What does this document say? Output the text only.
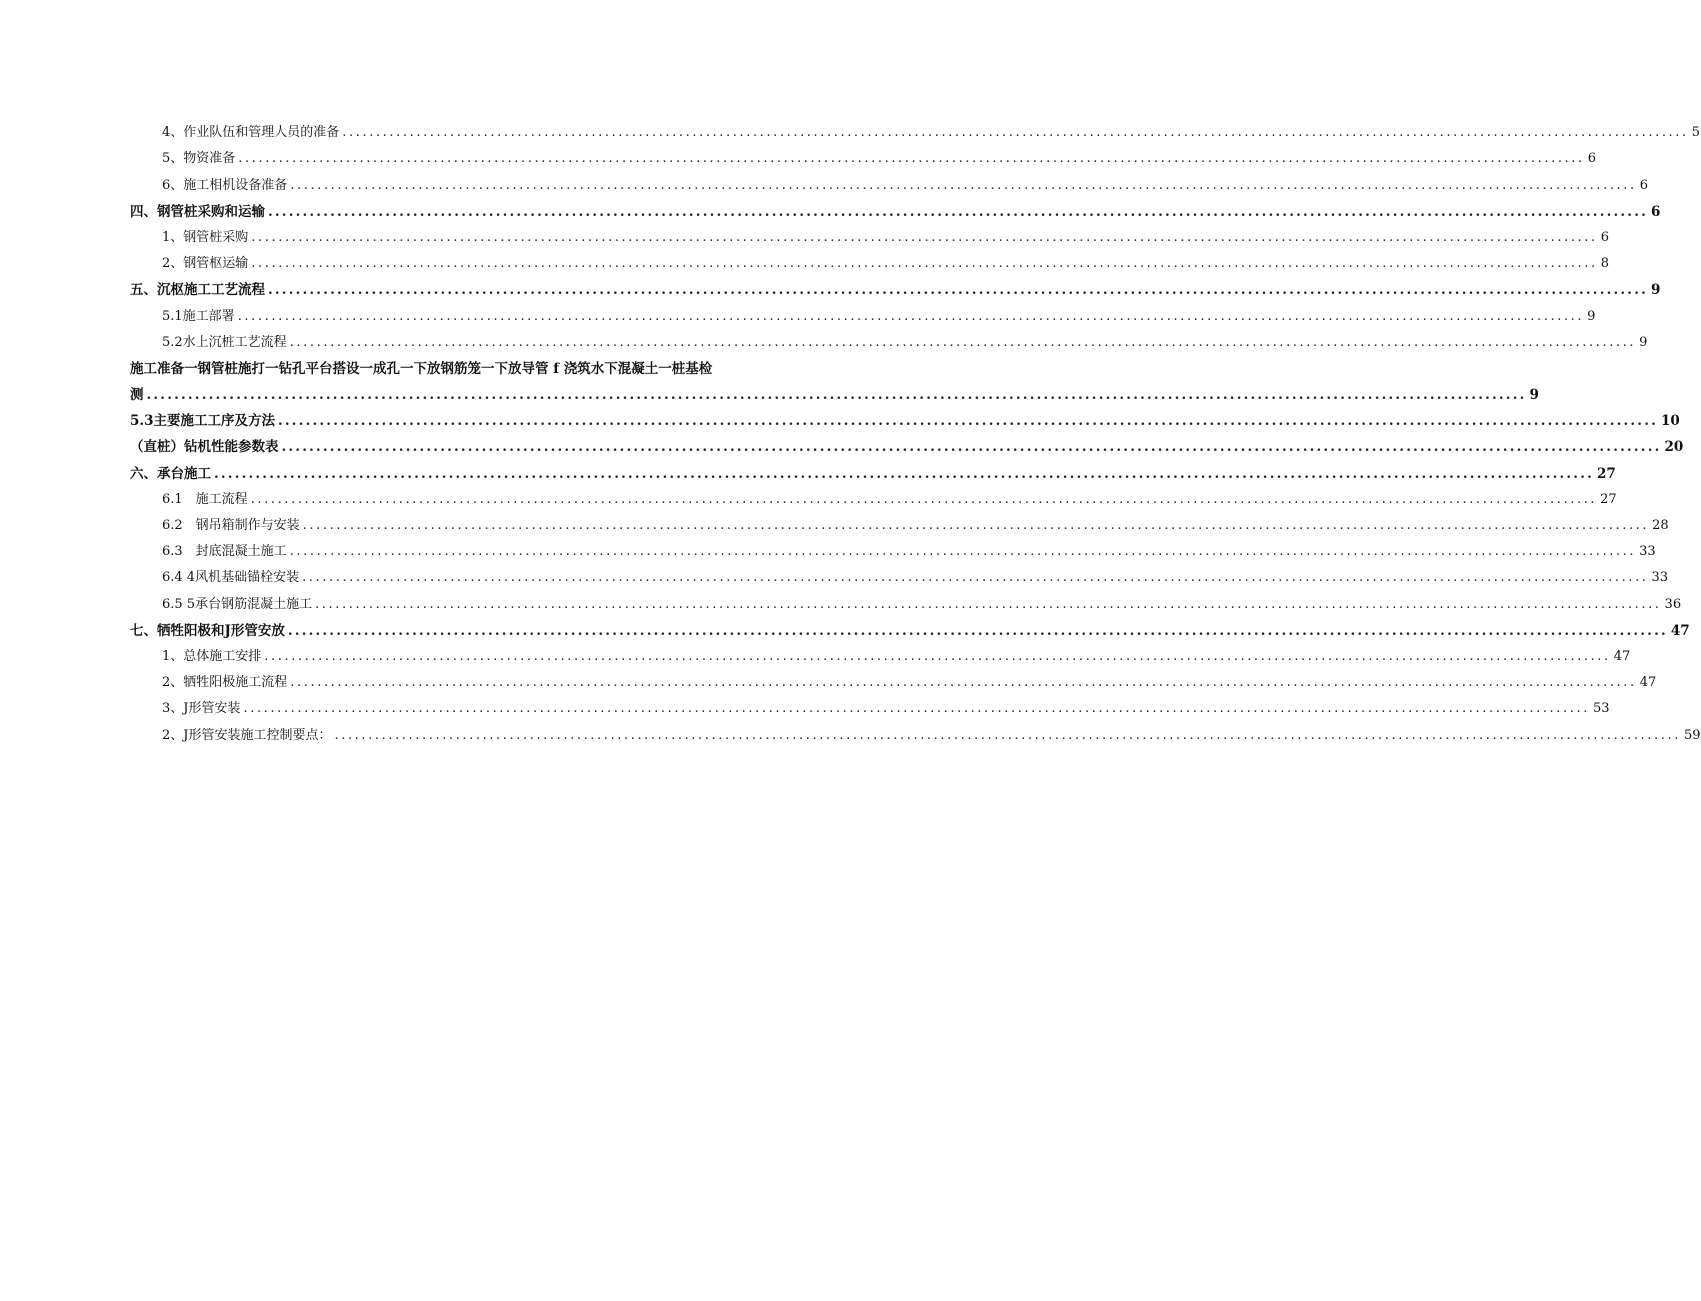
4、作业队伍和管理人员的准备 ........................................................................................................................................................................................................ 5
5、物资准备 ........................................................................................................................................................................................................ 6
6、施工相机设备准备 ........................................................................................................................................................................................................ 6
四、钢管桩采购和运输 ........................................................................................................................................................................................................ 6
1、钢管桩采购 ........................................................................................................................................................................................................ 6
2、钢管枢运输 ........................................................................................................................................................................................................ 8
五、沉枢施工工艺流程 ........................................................................................................................................................................................................ 9
5.1施工部署 ........................................................................................................................................................................................................ 9
5.2水上沉桩工艺流程 ........................................................................................................................................................................................................ 9
施工准备一钢管桩施打一钻孔平台搭设一成孔一下放钢筋笼一下放导管 f 浇筑水下混凝土一桩基检
测 ........................................................................................................................................................................................................ 9
5.3主要施工工序及方法 ........................................................................................................................................................................................................ 10
（直桩）钻机性能参数表 ........................................................................................................................................................................................................ 20
六、承台施工 ........................................................................................................................................................................................................ 27
6.1　施工流程 ........................................................................................................................................................................................................ 27
6.2　钢吊箱制作与安装 ........................................................................................................................................................................................................ 28
6.3　封底混凝土施工 ........................................................................................................................................................................................................ 33
6.4 4风机基础锚栓安装 ........................................................................................................................................................................................................ 33
6.5 5承台钢筋混凝土施工 ........................................................................................................................................................................................................ 36
七、牺牲阳极和J形管安放 ........................................................................................................................................................................................................ 47
1、总体施工安排 ........................................................................................................................................................................................................ 47
2、牺牲阳极施工流程 ........................................................................................................................................................................................................ 47
3、J形管安装 ........................................................................................................................................................................................................ 53
2、J形管安装施工控制要点： ........................................................................................................................................................................................................ 59
